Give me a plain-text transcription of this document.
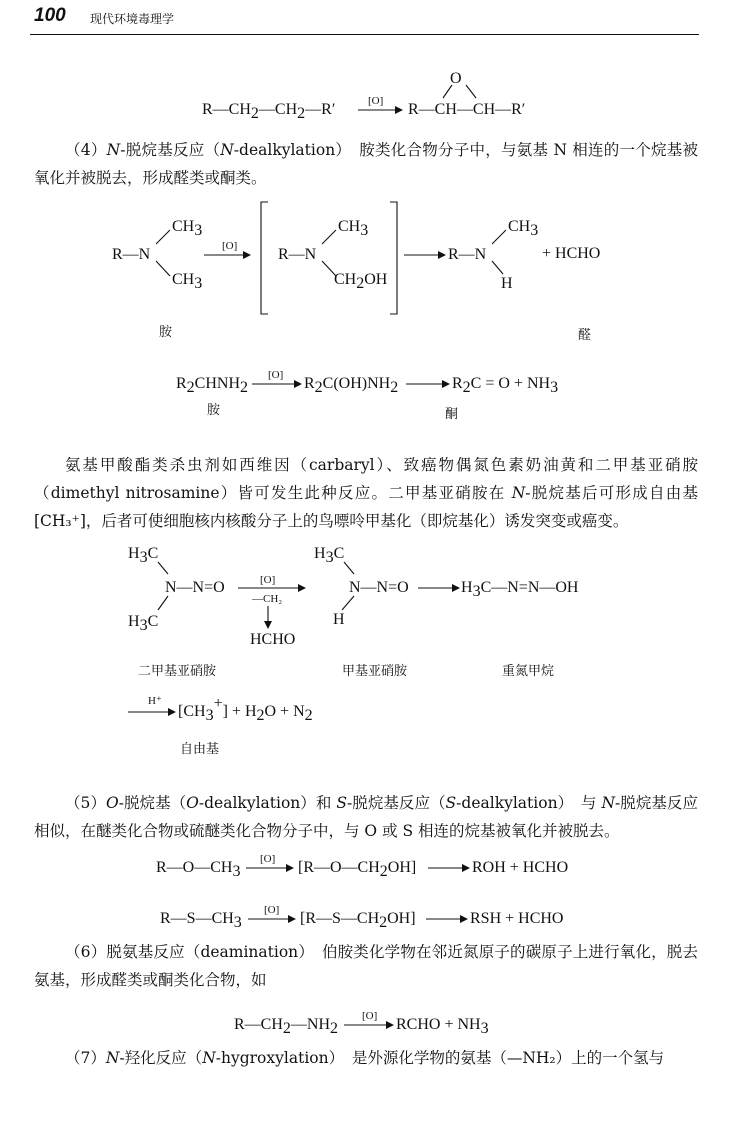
100 现代环境毒理学
R—CH2—CH2—R′	[O] R—CH—CH—R′
O
（4）N-脱烷基反应（N-dealkylation）　胺类化合物分子中，与氨基 N 相连的一个烷基被氧化并被脱去，形成醛类或酮类。
R—N
CH3
CH3
[O]	R—N
CH3
CH2OH
R—N
CH3
H
+ HCHO
胺	醛
R2CHNH2
[O] R2C(OH)NH2	R2C = O + NH3
胺	酮
氨基甲酸酯类杀虫剂如西维因（carbaryl）、致癌物偶氮色素奶油黄和二甲基亚硝胺（dimethyl nitrosamine）皆可发生此种反应。二甲基亚硝胺在 N-脱烷基后可形成自由基[CH₃⁺]，后者可使细胞核内核酸分子上的鸟嘌呤甲基化（即烷基化）诱发突变或癌变。
H3C
N—N=O
H3C
[O]
—CH₂
HCHO
H3C
N—N=O
H
H3C—N=N—OH
二甲基亚硝胺	甲基亚硝胺	重氮甲烷
H⁺
[CH3+] + H2O + N2
自由基
（5）O-脱烷基（O-dealkylation）和 S-脱烷基反应（S-dealkylation）　与 N-脱烷基反应相似，在醚类化合物或硫醚类化合物分子中，与 O 或 S 相连的烷基被氧化并被脱去。
R—O—CH3
[O] [R—O—CH2OH]	ROH + HCHO
R—S—CH3
[O] [R—S—CH2OH]	RSH + HCHO
（6）脱氨基反应（deamination）　伯胺类化学物在邻近氮原子的碳原子上进行氧化，脱去氨基，形成醛类或酮类化合物，如
R—CH2—NH2
[O] RCHO + NH3
（7）N-羟化反应（N-hygroxylation）　是外源化学物的氨基（—NH₂）上的一个氢与
